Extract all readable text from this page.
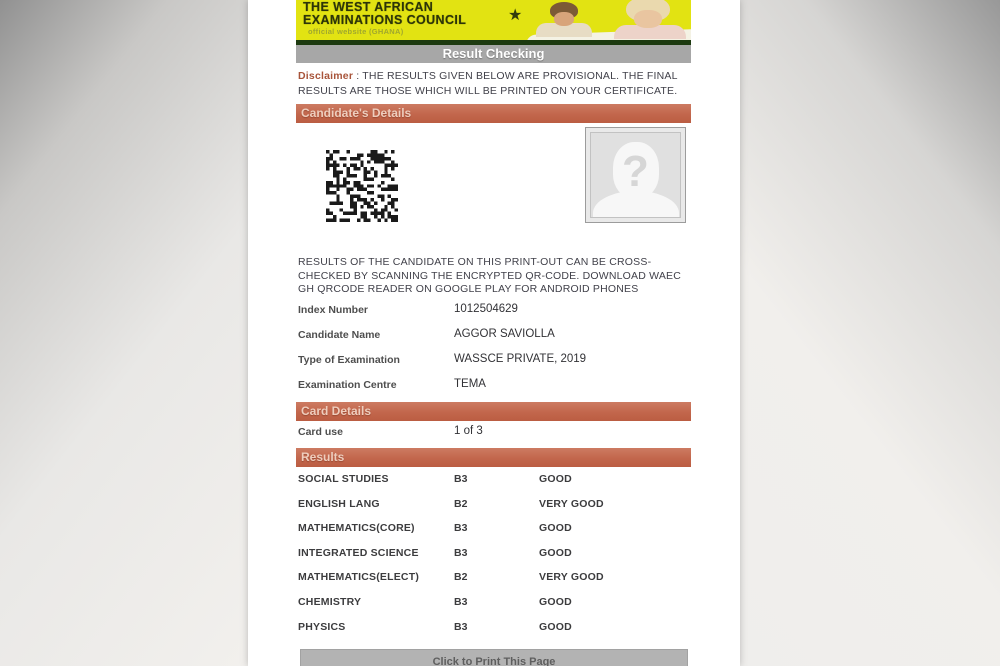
THE WEST AFRICAN
EXAMINATIONS COUNCIL
official website (GHANA)
★
Result Checking
Disclaimer : THE RESULTS GIVEN BELOW ARE PROVISIONAL. THE FINAL RESULTS ARE THOSE WHICH WILL BE PRINTED ON YOUR CERTIFICATE.
Candidate's Details
?
RESULTS OF THE CANDIDATE ON THIS PRINT-OUT CAN BE CROSS-CHECKED BY SCANNING THE ENCRYPTED QR-CODE. DOWNLOAD WAEC GH QRCODE READER ON GOOGLE PLAY FOR ANDROID PHONES
Index Number	1012504629
Candidate Name	AGGOR SAVIOLLA
Type of Examination	WASSCE PRIVATE, 2019
Examination Centre	TEMA
Card Details
Card use	1 of 3
Results
SOCIAL STUDIES	B3	GOOD
ENGLISH LANG	B2	VERY GOOD
MATHEMATICS(CORE)	B3	GOOD
INTEGRATED SCIENCE	B3	GOOD
MATHEMATICS(ELECT)	B2	VERY GOOD
CHEMISTRY	B3	GOOD
PHYSICS	B3	GOOD
Click to Print This Page
